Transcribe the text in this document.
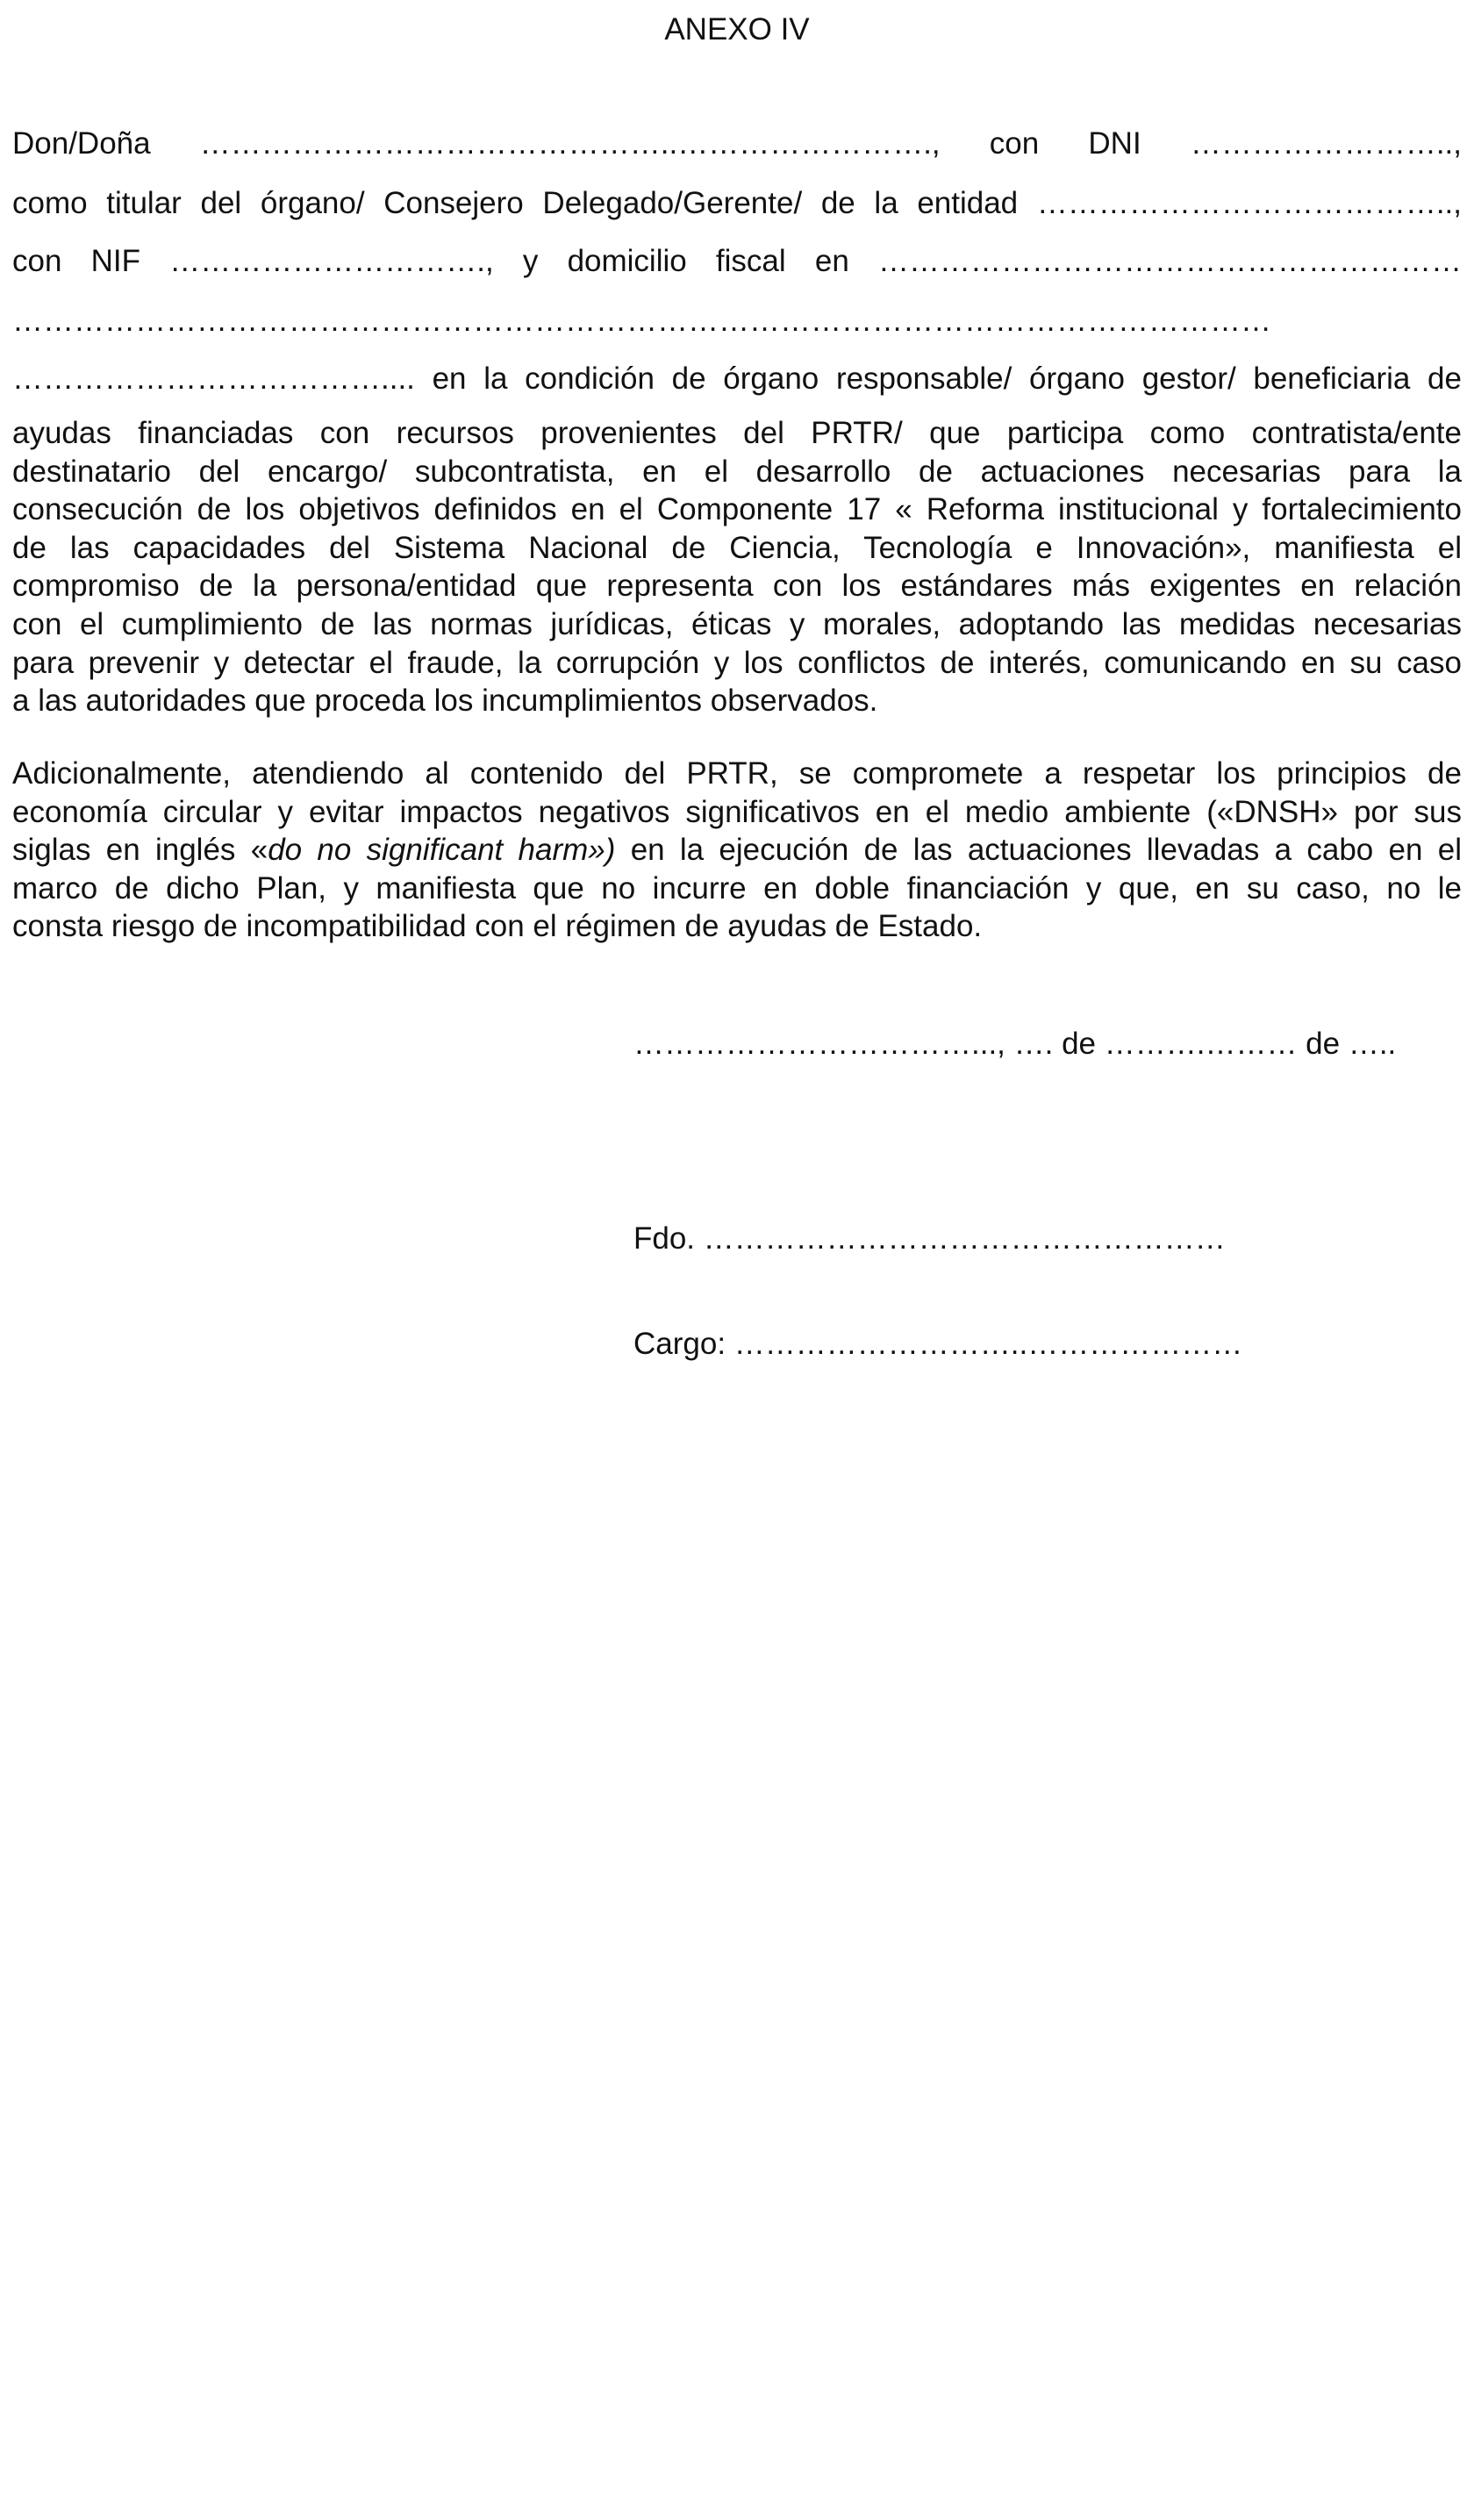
ANEXO IV
Don/Doña ………………………………………..……………………., con DNI ……………………..,
como titular del órgano/ Consejero Delegado/Gerente/ de la entidad …………………………………..,
con NIF …………………………., y domicilio fiscal en …………………………………………………
……………………………………………………………………………………………………………
……………………………….... en la condición de órgano responsable/ órgano gestor/ beneficiaria de
ayudas financiadas con recursos provenientes del PRTR/ que participa como contratista/ente
destinatario del encargo/ subcontratista, en el desarrollo de actuaciones necesarias para la
consecución de los objetivos definidos en el Componente 17 « Reforma institucional y fortalecimiento
de las capacidades del Sistema Nacional de Ciencia, Tecnología e Innovación», manifiesta el
compromiso de la persona/entidad que representa con los estándares más exigentes en relación
con el cumplimiento de las normas jurídicas, éticas y morales, adoptando las medidas necesarias
para prevenir y detectar el fraude, la corrupción y los conflictos de interés, comunicando en su caso
a las autoridades que proceda los incumplimientos observados.
Adicionalmente, atendiendo al contenido del PRTR, se compromete a respetar los principios de
economía circular y evitar impactos negativos significativos en el medio ambiente («DNSH» por sus
siglas en inglés «do no significant harm») en la ejecución de las actuaciones llevadas a cabo en el
marco de dicho Plan, y manifiesta que no incurre en doble financiación y que, en su caso, no le
consta riesgo de incompatibilidad con el régimen de ayudas de Estado.
……………………………..., …. de ……….……… de …..
Fdo. ……………………………………………
Cargo: ………………………..…………………
